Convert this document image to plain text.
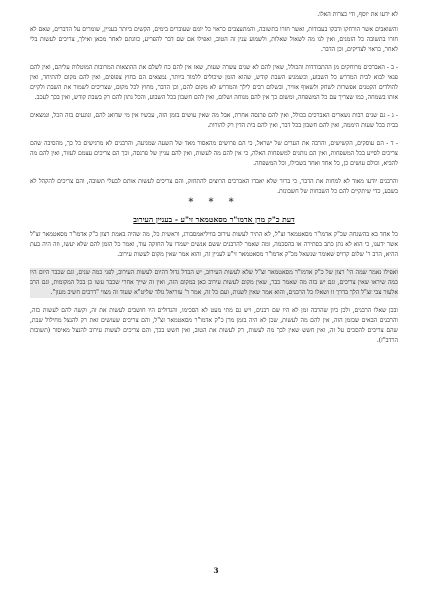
לא ידעו את יוסף, ודי כצרות האלו.

והשואבים אשר הורחקו ודבקו בעבודות, ואשר חזרו בתשובה, והמתעצבים כראוי כל יומם שעוברים בימים, הקשים ביותר בעניין, שומרים על הדברים, שאם לא חזרו בתשובה כל הזמנים, ואין לנו מה לשאול שאלות, ולשמוע ענין זה הטוב, ואפילו אם שם דבר להפריע, כוונתם לאחר מכאן ואילך, צריכים לעשות בלי לאחר, כראוי לצדיקים, וכן הדבר.

- ב - האברכים מרוחקים מן ההתבודדות והכולל, שאין להם לא שנים עשרה שעות, שאז אין להם כח לשלם את ההוצאות המרובות המוטלות עליהם, ואין להם פנאי לבוא לבית המדרש כל השבוע, וכשמגיע השבת קודש, שהוא הזמן שיכולים ללמוד ביותר, נמצאים הם בחוץ צפופים, ואין להם מקום להתיחד, ואין להולדים הקטנים אפשרות לשחק ולשאוף אוויר, ובשלום רבים לילך והמדרש לא מקום להם, וכן הדבר, מחוץ לכל מקום, שצריכים לשמור את השבת ולקיים אותו בשמחה, כמו שצריך עם כל המשפחה, ומשום כך אין להם מנוחה ושלום, ואין להם חשבון בכל השבוע, והכל נתון להם רק בשבת קודש, ואין בכך לעכב.

- ג - גם שנים רבות נשארים האברכים בכולל, ואין להם פרנסה אחרת, אבל מה שאין עושים בזמן הזה, עכשיו אין מי שדואג להם, ונוגעים בזה הכל, ונמצאים בבית בכל שעות היממה, ואין להם חשבון בכל דבר, ואין להם בית הדין רק להורות.

- ד - הם עוסקים, הקשישים, והרבה את הערים של ישראל, כי הם פרושים מהאסור מאד של השעה שמגיעה, והרבנים לא מרגישים כל כך, מהסיבה שהם צריכים לסייע בכל המשפחות, ואין הם נותנים למשפחות האלה, כי אין להם מה לעשות, ואין להם עניין של פרנסה, וכך הם צריכים עצמם לעזור, ואין להם מה להביא, וכולם עושים כן, כל אחד ואחד בשבילו, וכל המשפחה.

והרבנים יודעו מאוד לא למחות את הדבר, כי ברור שלא יאבדו האברכים הרוצים להתחזק, והם צריכים לעשות אותם לבעלי תשובה, והם צריכים להקהל לא בשבע, כדי שיתקיים להם כל השבחות של חשבונות.

* * *
דעת כ"ק מרן אדמו"ר מסאטמאר זי"ע - בעניין העירוב

כל אחד בא בהשגחה שכ"ק אדמו"ר מסאטמאר זצ"ל, לא התיר לעשות עירוב בוויליאמסבורג, וראשית כל, מה שהיה באמת רצון כ"ק אדמו"ר מסאטמאר זצ"ל אשר ידענו, כי הוא לא נתן כתב בסתירה או בהסכמה, ומה שאמר להרבנים ששם אנשים ישמרו על החזקה עוד, ואמר כל הזמן להם שלא יעשו, וזה היה בעת ההיא, הרב ר' שלום קרויס שאומר שנשאל מכ"ק אדמו"ר מסאטמאר זי"ע לעניין זה, והוא אמר שאין מקום לעשות עירוב.

ואפילו נאמר שמה הי' רצון של כ"ק אדמו"ר מסאטמאר זצ"ל שלא לעשות העירוב, יש הבדל גדול דהיום לעשות העירוב, לפני כמה שנים, וגם שכבר היום היו כמה שיראו שאין צריכים, וגם יש בזה מה שאמר כבר, שאין מקום לעשות עירוב כאן במקום הזה, ואין זה שייך אחרי שכבר עשו כן בכל המקומות, וגם הרב אלעזר צבי זצ"ל הלך בדרך זו ושאלו כל הרבנים, והוא אמר שאין לשנות, ועם כל זה, אמר ר' עזריאל גולד שליט"א שעוד זה מצוי "דרבים חשיב מעון".

ובכן שאלו הרבנים, ולכן כיון שהרבה זמן לא היו שם רבנים, ויש גם מתי מעט לא הסכימו, והגדולים היו חושבים לעשות את זה, וקשה להם לעשות כזה, והרבנים הבאים שבזמן הזה, אין להם מה לעשות, שכן לא היה בזמן מרן כ"ק אדמו"ר מסאטמאר זצ"ל, והם צריכים שעושים זאת רק להנצל מחילול שבת, שהם צריכים להסכים על זה, ואין חשש שאין לכך מה לעשות, רק לעשות את הטוב, ואין חשש בכך, והם צריכים לעשות עירוב להנצל מאיסור (תשובות הרדב"ז).

3
